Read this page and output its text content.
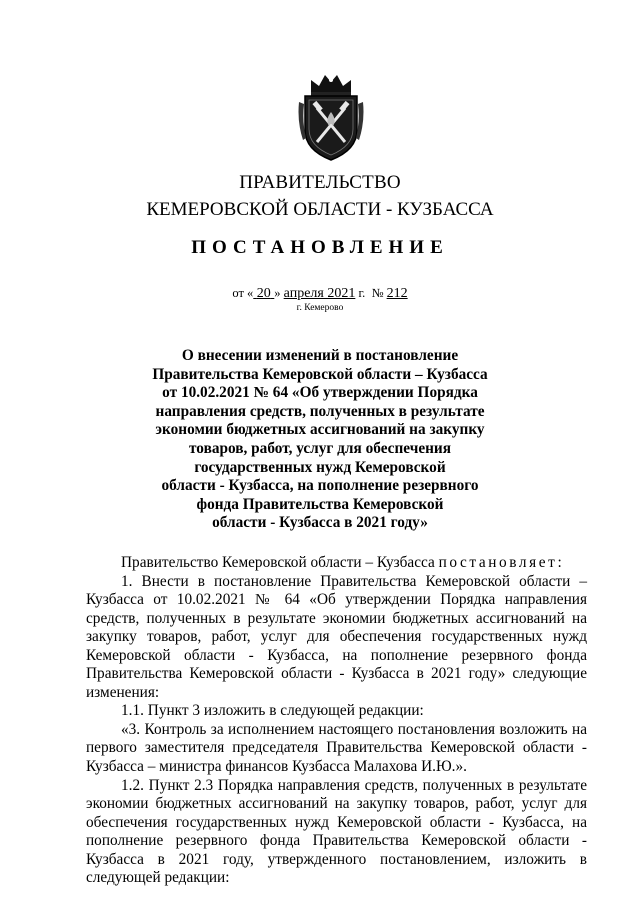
ПРАВИТЕЛЬСТВО
КЕМЕРОВСКОЙ ОБЛАСТИ - КУЗБАССА
ПОСТАНОВЛЕНИЕ
от « 20 » апреля 2021 г. № 212
г. Кемерово
О внесении изменений в постановление
Правительства Кемеровской области – Кузбасса
от 10.02.2021 № 64 «Об утверждении Порядка
направления средств, полученных в результате
экономии бюджетных ассигнований на закупку
товаров, работ, услуг для обеспечения
государственных нужд Кемеровской
области - Кузбасса, на пополнение резервного
фонда Правительства Кемеровской
области - Кузбасса в 2021 году»
Правительство Кемеровской области – Кузбасса постановляет:
1. Внести в постановление Правительства Кемеровской области – Кузбасса от 10.02.2021 № 64 «Об утверждении Порядка направления средств, полученных в результате экономии бюджетных ассигнований на закупку товаров, работ, услуг для обеспечения государственных нужд Кемеровской области - Кузбасса, на пополнение резервного фонда Правительства Кемеровской области - Кузбасса в 2021 году» следующие изменения:
1.1. Пункт 3 изложить в следующей редакции:
«3. Контроль за исполнением настоящего постановления возложить на первого заместителя председателя Правительства Кемеровской области - Кузбасса – министра финансов Кузбасса Малахова И.Ю.».
1.2. Пункт 2.3 Порядка направления средств, полученных в результате экономии бюджетных ассигнований на закупку товаров, работ, услуг для обеспечения государственных нужд Кемеровской области - Кузбасса, на пополнение резервного фонда Правительства Кемеровской области - Кузбасса в 2021 году, утвержденного постановлением, изложить в следующей редакции:
